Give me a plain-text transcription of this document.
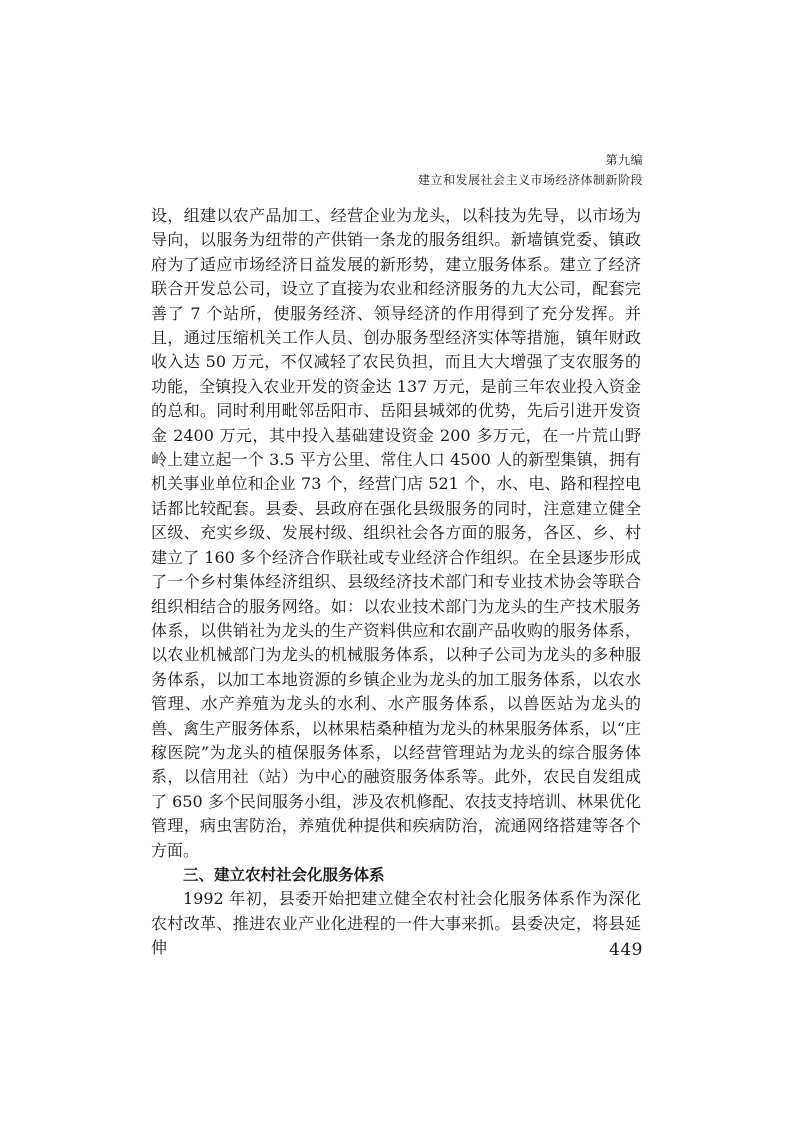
第九编
建立和发展社会主义市场经济体制新阶段

设，组建以农产品加工、经营企业为龙头，以科技为先导，以市场为导向，以服务为纽带的产供销一条龙的服务组织。新墙镇党委、镇政府为了适应市场经济日益发展的新形势，建立服务体系。建立了经济联合开发总公司，设立了直接为农业和经济服务的九大公司，配套完善了 7 个站所，使服务经济、领导经济的作用得到了充分发挥。并且，通过压缩机关工作人员、创办服务型经济实体等措施，镇年财政收入达 50 万元，不仅减轻了农民负担，而且大大增强了支农服务的功能，全镇投入农业开发的资金达 137 万元，是前三年农业投入资金的总和。同时利用毗邻岳阳市、岳阳县城郊的优势，先后引进开发资金 2400 万元，其中投入基础建设资金 200 多万元，在一片荒山野岭上建立起一个 3.5 平方公里、常住人口 4500 人的新型集镇，拥有机关事业单位和企业 73 个，经营门店 521 个，水、电、路和程控电话都比较配套。县委、县政府在强化县级服务的同时，注意建立健全区级、充实乡级、发展村级、组织社会各方面的服务，各区、乡、村建立了 160 多个经济合作联社或专业经济合作组织。在全县逐步形成了一个乡村集体经济组织、县级经济技术部门和专业技术协会等联合组织相结合的服务网络。如：以农业技术部门为龙头的生产技术服务体系，以供销社为龙头的生产资料供应和农副产品收购的服务体系，以农业机械部门为龙头的机械服务体系，以种子公司为龙头的多种服务体系，以加工本地资源的乡镇企业为龙头的加工服务体系，以农水管理、水产养殖为龙头的水利、水产服务体系，以兽医站为龙头的兽、禽生产服务体系，以林果桔桑种植为龙头的林果服务体系，以“庄稼医院”为龙头的植保服务体系，以经营管理站为龙头的综合服务体系，以信用社（站）为中心的融资服务体系等。此外，农民自发组成了 650 多个民间服务小组，涉及农机修配、农技支持培训、林果优化管理，病虫害防治，养殖优种提供和疾病防治，流通网络搭建等各个方面。

三、建立农村社会化服务体系

1992 年初，县委开始把建立健全农村社会化服务体系作为深化农村改革、推进农业产业化进程的一件大事来抓。县委决定，将县延伸	449
